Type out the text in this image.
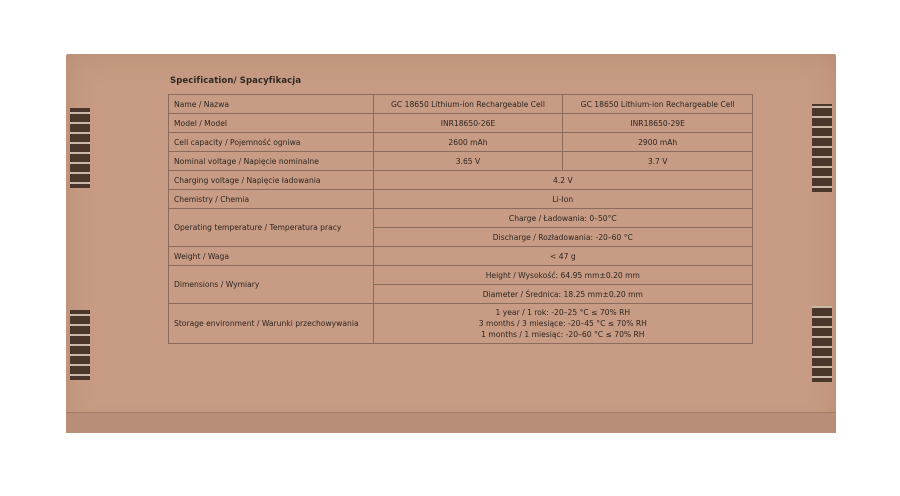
Specification/ Spacyfikacja
Name / Nazwa	GC 18650 Lithium-ion Rechargeable Cell	GC 18650 Lithium-ion Rechargeable Cell
Model / Model	INR18650-26E	INR18650-29E
Cell capacity / Pojemność ogniwa	2600 mAh	2900 mAh
Nominal voltage / Napięcie nominalne	3.65 V	3.7 V
Charging voltage / Napięcie ładowania	4.2 V	
Chemistry / Chemia	Li-Ion	
Operating temperature / Temperatura pracy	Charge / Ładowania: 0–50°C	
	Discharge / Rozładowania: -20–60 °C	
Weight / Waga	< 47 g	
Dimensions / Wymiary	Height / Wysokość: 64.95 mm±0.20 mm	
	Diameter / Średnica: 18.25 mm±0.20 mm	
Storage environment / Warunki przechowywania	1 year / 1 rok: -20–25 °C ≤ 70% RH
3 months / 3 miesiące: -20–45 °C ≤ 70% RH
1 months / 1 miesiąc: -20–60 °C ≤ 70% RH	
